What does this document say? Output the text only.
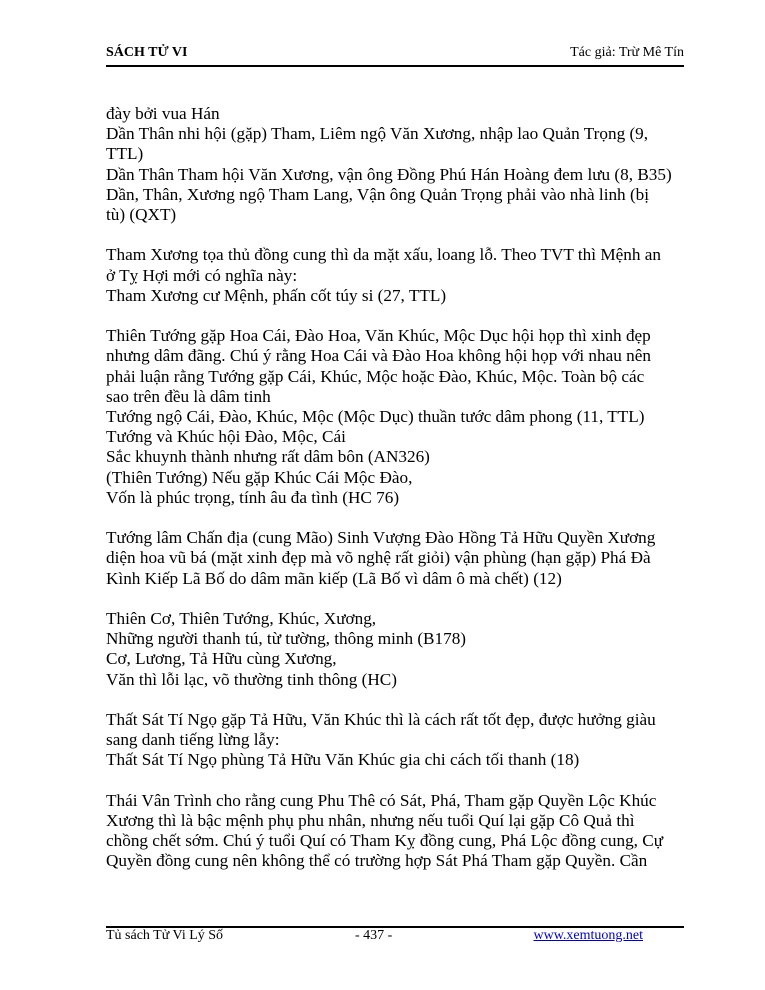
SÁCH TỬ VI	Tác giả: Trừ Mê Tín

đày bởi vua Hán
Dần Thân nhi hội (gặp) Tham, Liêm ngộ Văn Xương, nhập lao Quản Trọng (9,
TTL)
Dần Thân Tham hội Văn Xương, vận ông Đồng Phú Hán Hoàng đem lưu (8, B35)
Dần, Thân, Xương ngộ Tham Lang, Vận ông Quản Trọng phải vào nhà linh (bị
tù) (QXT)

Tham Xương tọa thủ đồng cung thì da mặt xấu, loang lỗ. Theo TVT thì Mệnh an
ở Tỵ Hợi mới có nghĩa này:
Tham Xương cư Mệnh, phấn cốt túy si (27, TTL)

Thiên Tướng gặp Hoa Cái, Đào Hoa, Văn Khúc, Mộc Dục hội họp thì xinh đẹp
nhưng dâm đãng. Chú ý rằng Hoa Cái và Đào Hoa không hội họp với nhau nên
phải luận rằng Tướng gặp Cái, Khúc, Mộc hoặc Đào, Khúc, Mộc. Toàn bộ các
sao trên đều là dâm tinh
Tướng ngộ Cái, Đào, Khúc, Mộc (Mộc Dục) thuần tước dâm phong (11, TTL)
Tướng và Khúc hội Đào, Mộc, Cái
Sắc khuynh thành nhưng rất dâm bôn (AN326)
(Thiên Tướng) Nếu gặp Khúc Cái Mộc Đào,
Vốn là phúc trọng, tính âu đa tình (HC 76)

Tướng lâm Chấn địa (cung Mão) Sinh Vượng Đào Hồng Tả Hữu Quyền Xương
diện hoa vũ bá (mặt xinh đẹp mà võ nghệ rất giỏi) vận phùng (hạn gặp) Phá Đà
Kình Kiếp Lã Bố do dâm mãn kiếp (Lã Bố vì dâm ô mà chết) (12)

Thiên Cơ, Thiên Tướng, Khúc, Xương,
Những người thanh tú, từ tường, thông minh (B178)
Cơ, Lương, Tả Hữu cùng Xương,
Văn thì lỗi lạc, võ thường tinh thông (HC)

Thất Sát Tí Ngọ gặp Tả Hữu, Văn Khúc thì là cách rất tốt đẹp, được hưởng giàu
sang danh tiếng lừng lẫy:
Thất Sát Tí Ngọ phùng Tả Hữu Văn Khúc gia chi cách tối thanh (18)

Thái Vân Trình cho rằng cung Phu Thê có Sát, Phá, Tham gặp Quyền Lộc Khúc
Xương thì là bậc mệnh phụ phu nhân, nhưng nếu tuổi Quí lại gặp Cô Quả thì
chồng chết sớm. Chú ý tuổi Quí có Tham Kỵ đồng cung, Phá Lộc đồng cung, Cự
Quyền đồng cung nên không thể có trường hợp Sát Phá Tham gặp Quyền. Cần

Tủ sách Tử Vi Lý Số	- 437 -	www.xemtuong.net
